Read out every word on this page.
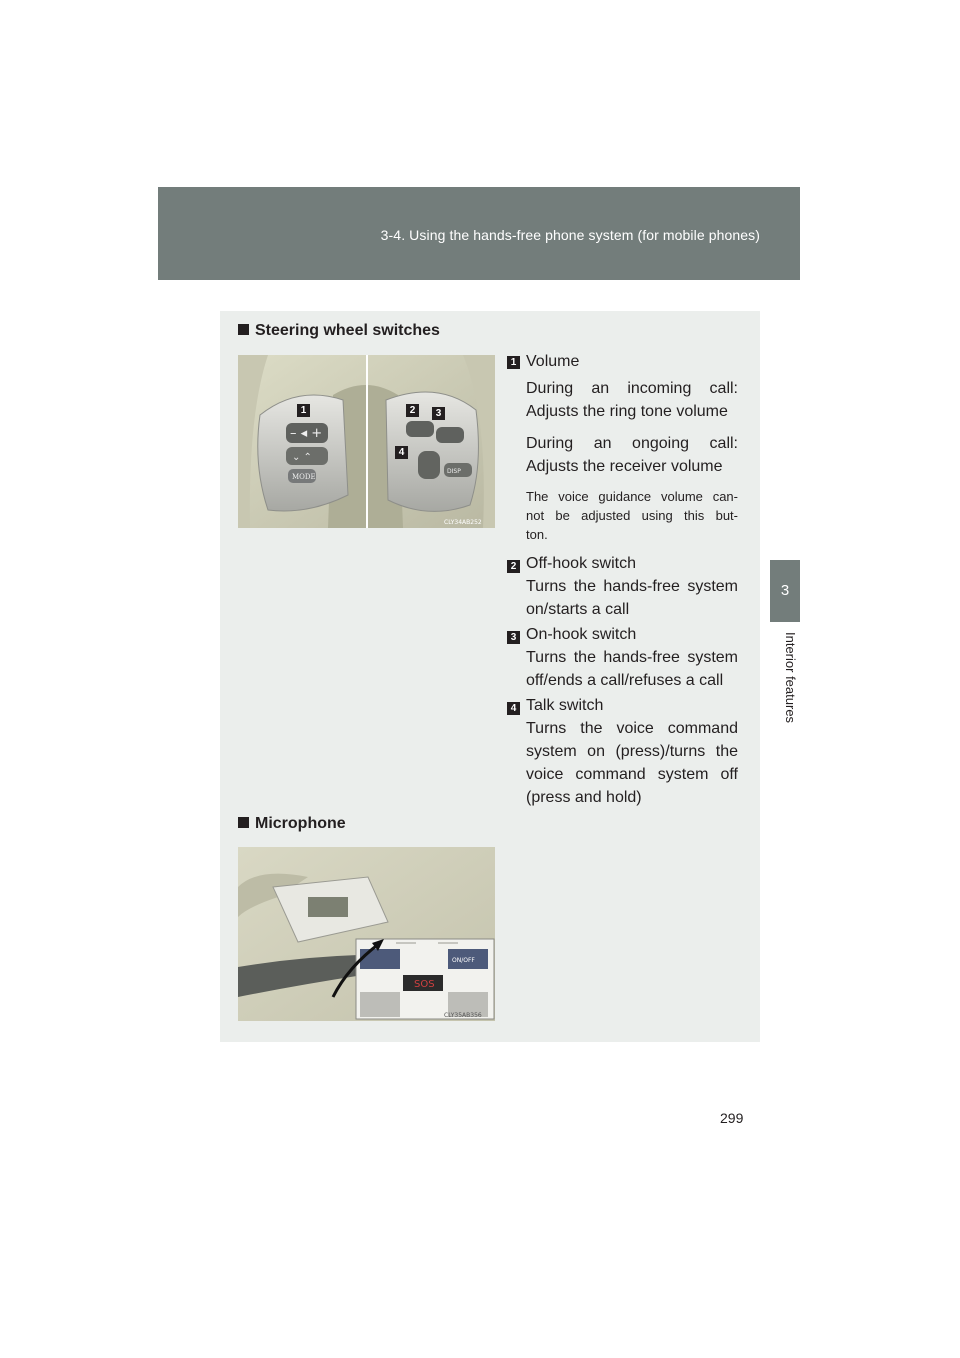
3-4. Using the hands-free phone system (for mobile phones)
3
Interior features
Steering wheel switches
– ◂ +
⌄ ⌃
MODE
DISP
CLY34AB252
1	2	3
4
1 Volume
During an incoming call:
Adjusts the ring tone volume
During an ongoing call:
Adjusts the receiver volume
The voice guidance volume can-
not be adjusted using this but-
ton.
2 Off-hook switch
Turns the hands-free system
on/starts a call
3 On-hook switch
Turns the hands-free system
off/ends a call/refuses a call
4 Talk switch
Turns the voice command
system on (press)/turns the
voice command system off
(press and hold)
Microphone
SOS
ON/OFF
CLY35AB356
299
